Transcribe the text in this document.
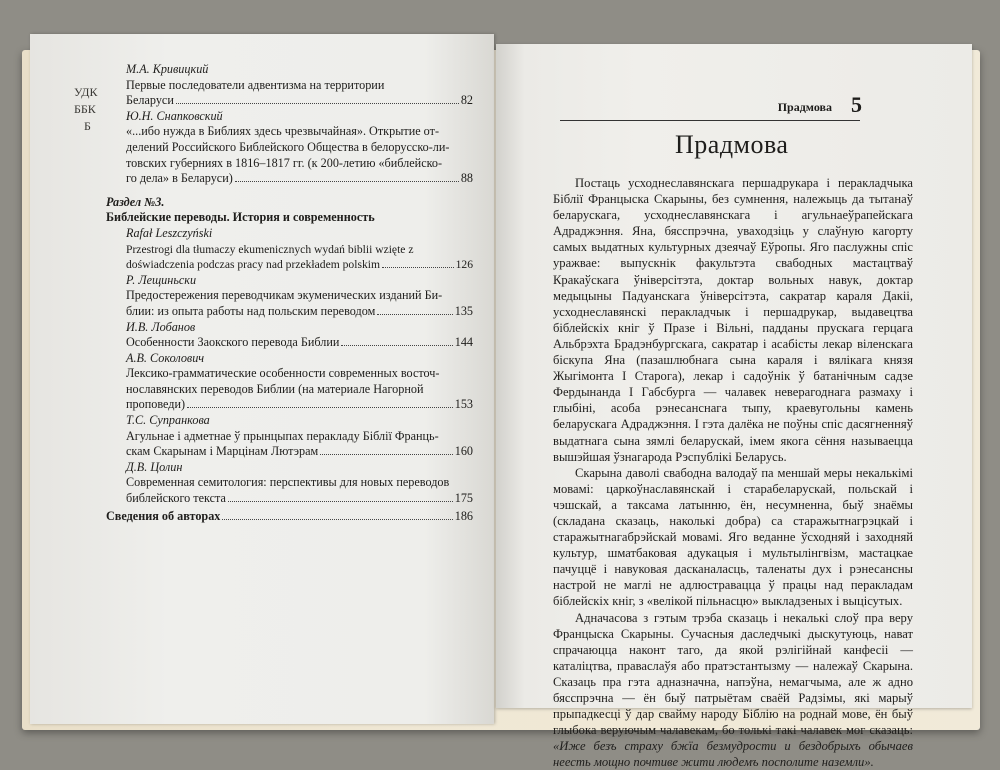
УДК
ББК
Б
М.А. Кривицкий
Первые последователи адвентизма на территории
Беларуси	82
Ю.Н. Снапковский
«...ибо нужда в Библиях здесь чрезвычайная». Открытие от-
делений Российского Библейского Общества в белорусско-ли-
товских губерниях в 1816–1817 гг. (к 200-летию «библейско-
го дела» в Беларуси)	88
Раздел №3.
Библейские переводы. История и современность
Rafał Leszczyński
Przestrogi dla tłumaczy ekumenicznych wydań biblii wzięte z
doświadczenia podczas pracy nad przekładem polskim	126
Р. Лещиньски
Предостережения переводчикам экуменических изданий Би-
блии: из опыта работы над польским переводом	135
И.В. Лобанов
Особенности Заокского перевода Библии	144
А.В. Соколович
Лексико-грамматические особенности современных восточ-
нославянских переводов Библии (на материале Нагорной
проповеди)	153
Т.С. Супранкова
Агульнае і адметнае ў прынцыпах перакладу Біблії Франць-
скам Скарынам і Марцінам Лютэрам	160
Д.В. Цолин
Современная семитология: перспективы для новых переводов
библейского текста	175
Сведения об авторах	186
Прадмова 5
Прадмова

Постаць усходнеславянскага першадрукара і перакладчыка Біблії Францыска Скарыны, без сумнення, належыць да тытанаў беларускага, усходнеславянскага і агульнаеўрапейскага Адраджэння. Яна, бясспрэчна, уваходзіць у слаўную кагорту самых выдатных культурных дзеячаў Еўропы. Яго паслужны спіс уражвае: выпускнік факультэта свабодных мастацтваў Кракаўскага ўніверсітэта, доктар вольных навук, доктар медыцыны Падуанскага ўніверсітэта, сакратар караля Дакіі, усходнеславянскі перакладчык і першадрукар, выдавецтва біблейскіх кніг ў Празе і Вільні, падданы прускага герцага Альбрэхта Брадэнбургскага, сакратар і асабісты лекар віленскага біскупа Яна (пазашлюбнага сына караля і вялікага князя Жыгімонта I Старога), лекар і садоўнік ў батанічным садзе Фердынанда I Габсбурга — чалавек неверагоднага размаху і глыбіні, асоба рэнесанснага тыпу, краевугольны камень беларускага Адраджэння. І гэта далёка не поўны спіс дасягненняў выдатнага сына зямлі беларускай, імем якога сёння называецца вышэйшая ўзнагарода Рэспублікі Беларусь.

Скарына даволі свабодна валодаў па меншай меры некалькімі мовамі: царкоўнаславянскай і старабеларускай, польскай і чэшскай, а таксама латынню, ён, несумненна, быў знаёмы (складана сказаць, наколькі добра) са старажытнагрэцкай і старажытнагабрэйскай мовамі. Яго веданне ўсходняй і заходняй культур, шматбаковая адукацыя і мультылінгвізм, мастацкае пачуццё і навуковая дасканаласць, таленаты дух і рэнесансны настрой не маглі не адлюстравацца ў працы над перакладам біблейскіх кніг, з «велікой пільнасцю» выкладзеных і выцісутых.

Адначасова з гэтым трэба сказаць і некалькі слоў пра веру Францыска Скарыны. Сучасныя даследчыкі дыскутуюць, нават спрачаюцца наконт таго, да якой рэлігійнай канфесіі — каталіцтва, праваслаўя або пратэстантызму — належаў Скарына. Сказаць пра гэта адназначна, напэўна, немагчыма, але ж адно бясспрэчна — ён быў патрыётам сваёй Радзімы, які марыў прыпадкесці ў дар свайму народу Біблію на роднай мове, ён быў глыбока веруючым чалавекам, бо толькі такі чалавек мог сказаць: «Иже безъ страху бжїа безмудрости и бездобрыхъ обычаев неесть мощно почтиве жити людемъ посполите наземли».
